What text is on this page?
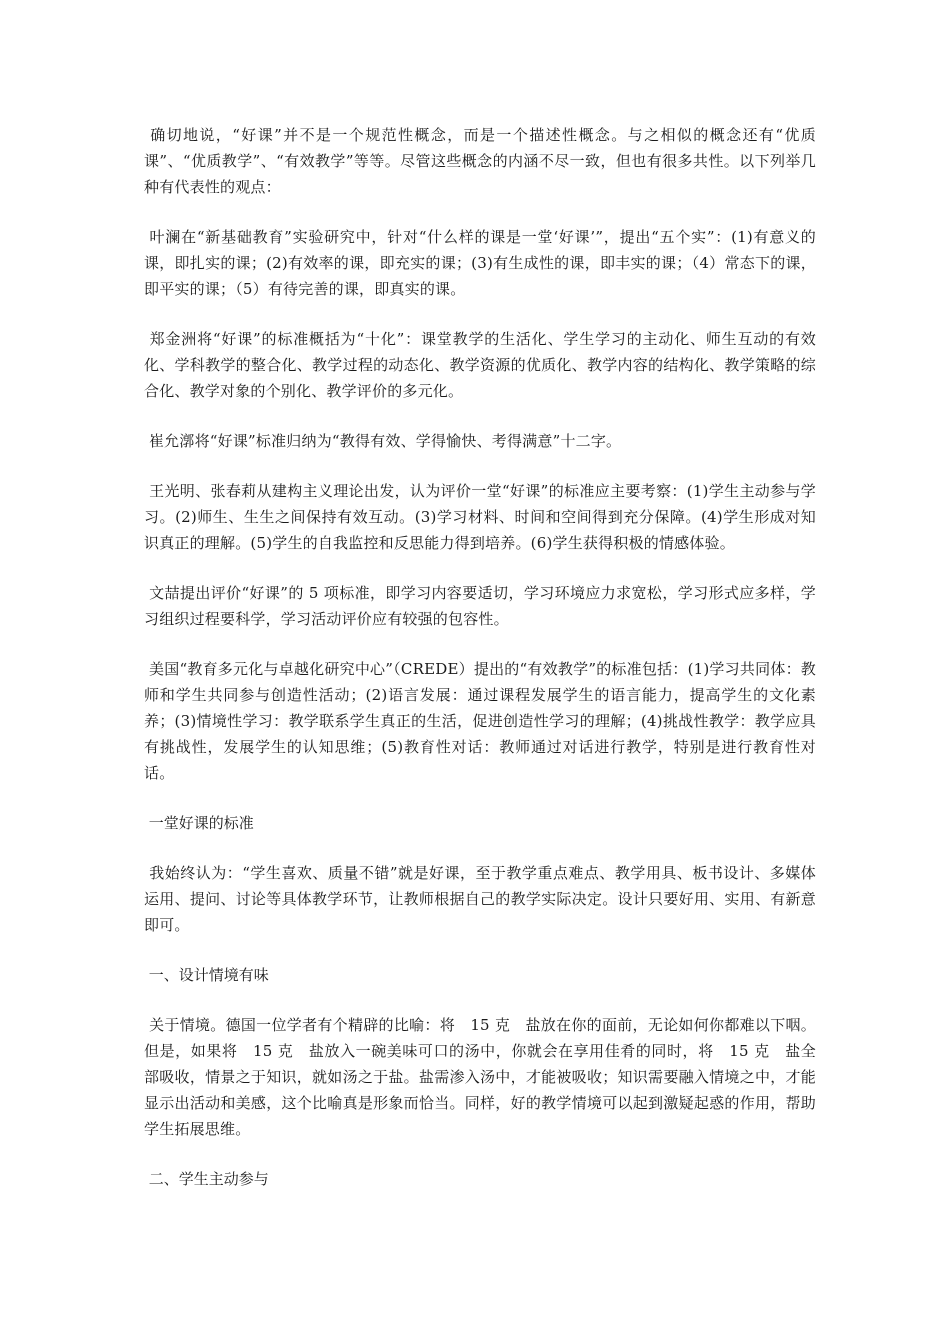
确切地说，“好课”并不是一个规范性概念，而是一个描述性概念。与之相似的概念还有“优质课”、“优质教学”、“有效教学”等等。尽管这些概念的内涵不尽一致，但也有很多共性。以下列举几种有代表性的观点：

叶澜在“新基础教育”实验研究中，针对“什么样的课是一堂‘好课’”，提出“五个实”：(1)有意义的课，即扎实的课；(2)有效率的课，即充实的课；(3)有生成性的课，即丰实的课；（4）常态下的课，即平实的课；（5）有待完善的课，即真实的课。

郑金洲将“好课”的标准概括为“十化”：课堂教学的生活化、学生学习的主动化、师生互动的有效化、学科教学的整合化、教学过程的动态化、教学资源的优质化、教学内容的结构化、教学策略的综合化、教学对象的个别化、教学评价的多元化。

崔允漷将“好课”标准归纳为“教得有效、学得愉快、考得满意”十二字。

王光明、张春莉从建构主义理论出发，认为评价一堂“好课”的标准应主要考察：(1)学生主动参与学习。(2)师生、生生之间保持有效互动。(3)学习材料、时间和空间得到充分保障。(4)学生形成对知识真正的理解。(5)学生的自我监控和反思能力得到培养。(6)学生获得积极的情感体验。

文喆提出评价“好课”的 5 项标准，即学习内容要适切，学习环境应力求宽松，学习形式应多样，学习组织过程要科学，学习活动评价应有较强的包容性。

美国“教育多元化与卓越化研究中心”（CREDE）提出的“有效教学”的标准包括：(1)学习共同体：教师和学生共同参与创造性活动；(2)语言发展：通过课程发展学生的语言能力，提高学生的文化素养；(3)情境性学习：教学联系学生真正的生活，促进创造性学习的理解；(4)挑战性教学：教学应具有挑战性，发展学生的认知思维；(5)教育性对话：教师通过对话进行教学，特别是进行教育性对话。

一堂好课的标准

我始终认为：“学生喜欢、质量不错”就是好课，至于教学重点难点、教学用具、板书设计、多媒体运用、提问、讨论等具体教学环节，让教师根据自己的教学实际决定。设计只要好用、实用、有新意即可。

一、设计情境有味

关于情境。德国一位学者有个精辟的比喻：将　15 克　盐放在你的面前，无论如何你都难以下咽。但是，如果将　15 克　盐放入一碗美味可口的汤中，你就会在享用佳肴的同时，将　15 克　盐全部吸收，情景之于知识，就如汤之于盐。盐需渗入汤中，才能被吸收；知识需要融入情境之中，才能显示出活动和美感，这个比喻真是形象而恰当。同样，好的教学情境可以起到激疑起惑的作用，帮助学生拓展思维。

二、学生主动参与
